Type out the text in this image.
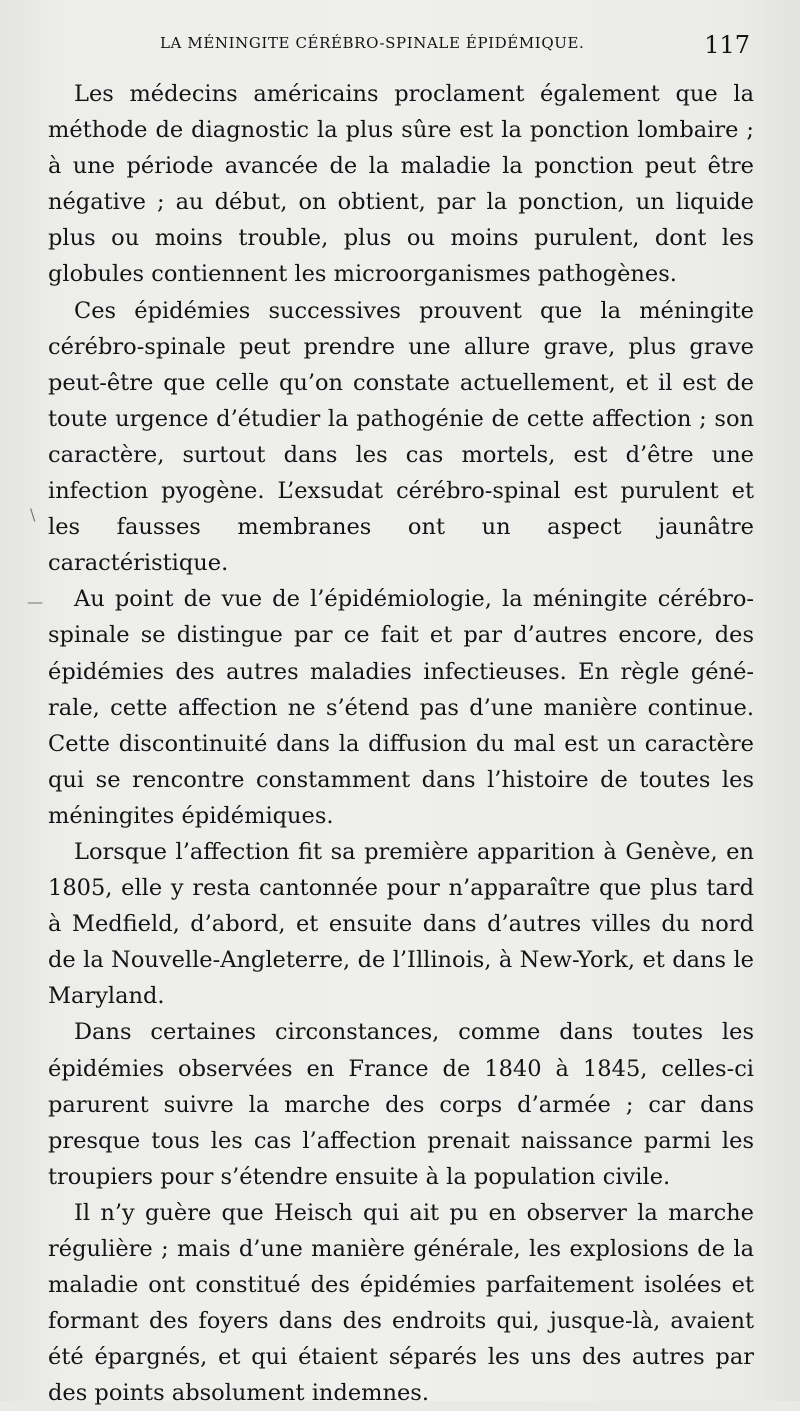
LA MÉNINGITE CÉRÉBRO-SPINALE ÉPIDÉMIQUE.	117
\
—

Les médecins américains proclament également que la méthode de diagnostic la plus sûre est la ponction lombaire ; à une période avancée de la maladie la ponction peut être négative ; au début, on obtient, par la ponction, un liquide plus ou moins trouble, plus ou moins purulent, dont les globules contiennent les microorganismes pathogènes.

Ces épidémies successives prouvent que la méningite cérébro-spinale peut prendre une allure grave, plus grave peut-être que celle qu’on constate actuellement, et il est de toute urgence d’étudier la pathogénie de cette affection ; son caractère, surtout dans les cas mortels, est d’être une infection pyogène. L’exsudat cérébro-spinal est purulent et les fausses membranes ont un aspect jaunâtre caractéristique.

Au point de vue de l’épidémiologie, la méningite cérébro-spinale se distingue par ce fait et par d’autres encore, des épidémies des autres maladies infectieuses. En règle géné-rale, cette affection ne s’étend pas d’une manière continue. Cette discontinuité dans la diffusion du mal est un caractère qui se rencontre constamment dans l’histoire de toutes les méningites épidémiques.

Lorsque l’affection fit sa première apparition à Genève, en 1805, elle y resta cantonnée pour n’apparaître que plus tard à Medfield, d’abord, et ensuite dans d’autres villes du nord de la Nouvelle-Angleterre, de l’Illinois, à New-York, et dans le Maryland.

Dans certaines circonstances, comme dans toutes les épidémies observées en France de 1840 à 1845, celles-ci parurent suivre la marche des corps d’armée ; car dans presque tous les cas l’affection prenait naissance parmi les troupiers pour s’étendre ensuite à la population civile.

Il n’y guère que Heisch qui ait pu en observer la marche régulière ; mais d’une manière générale, les explosions de la maladie ont constitué des épidémies parfaitement isolées et formant des foyers dans des endroits qui, jusque-là, avaient été épargnés, et qui étaient séparés les uns des autres par des points absolument indemnes.
